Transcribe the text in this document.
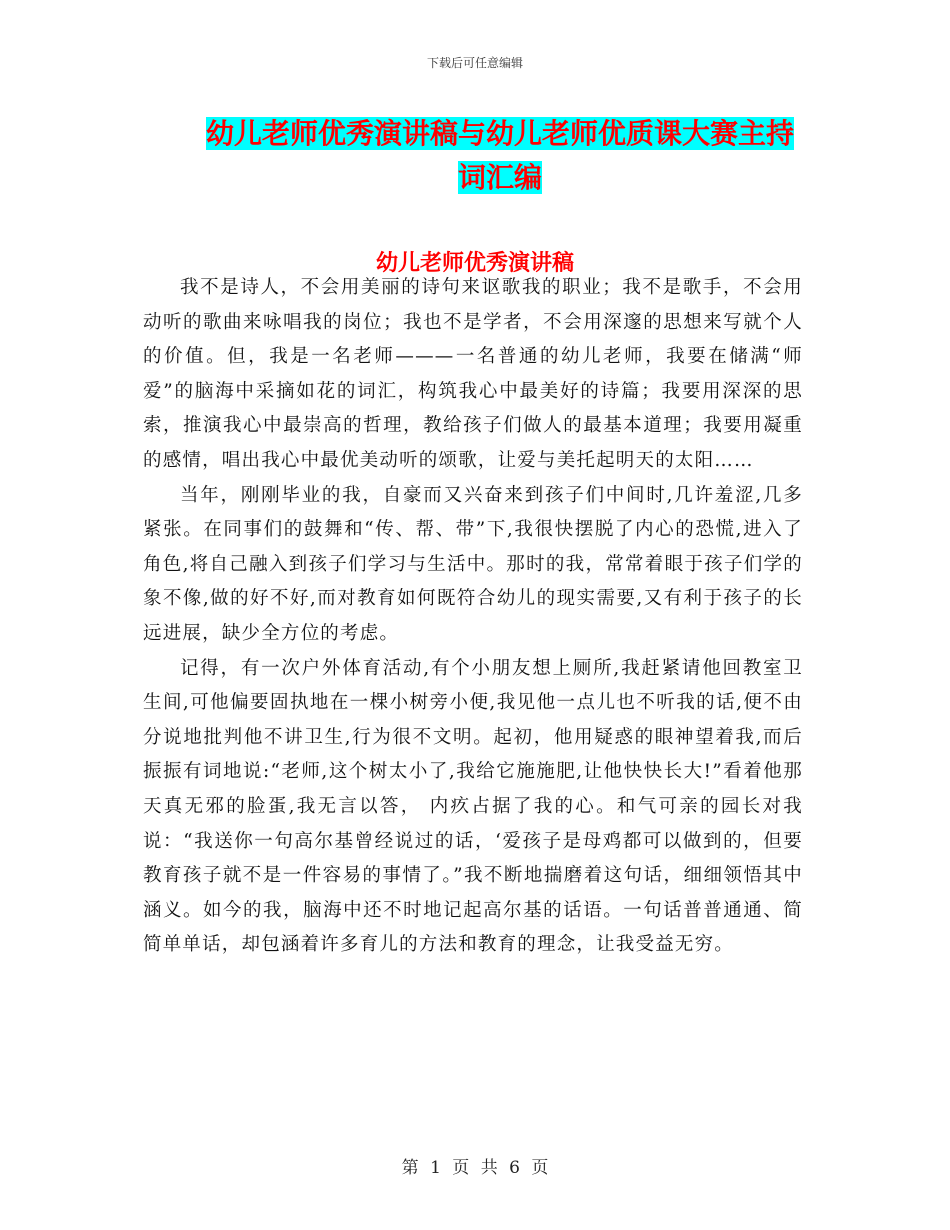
下载后可任意编辑
幼儿老师优秀演讲稿与幼儿老师优质课大赛主持词汇编
幼儿老师优秀演讲稿

我不是诗人，不会用美丽的诗句来讴歌我的职业；我不是歌手，不会用动听的歌曲来咏唱我的岗位；我也不是学者，不会用深邃的思想来写就个人的价值。但，我是一名老师———一名普通的幼儿老师，我要在储满“师爱”的脑海中采摘如花的词汇，构筑我心中最美好的诗篇；我要用深深的思索，推演我心中最崇高的哲理，教给孩子们做人的最基本道理；我要用凝重的感情，唱出我心中最优美动听的颂歌，让爱与美托起明天的太阳……

当年，刚刚毕业的我，自豪而又兴奋来到孩子们中间时,几许羞涩,几多紧张。在同事们的鼓舞和“传、帮、带”下,我很快摆脱了内心的恐慌,进入了角色,将自己融入到孩子们学习与生活中。那时的我，常常着眼于孩子们学的象不像,做的好不好,而对教育如何既符合幼儿的现实需要,又有利于孩子的长远进展，缺少全方位的考虑。

记得，有一次户外体育活动,有个小朋友想上厕所,我赶紧请他回教室卫生间,可他偏要固执地在一棵小树旁小便,我见他一点儿也不听我的话,便不由分说地批判他不讲卫生,行为很不文明。起初，他用疑惑的眼神望着我,而后振振有词地说:“老师,这个树太小了,我给它施施肥,让他快快长大!”看着他那天真无邪的脸蛋,我无言以答， 内疚占据了我的心。和气可亲的园长对我说：“我送你一句高尔基曾经说过的话，‘爱孩子是母鸡都可以做到的，但要教育孩子就不是一件容易的事情了。”我不断地揣磨着这句话，细细领悟其中涵义。如今的我，脑海中还不时地记起高尔基的话语。一句话普普通通、简简单单话，却包涵着许多育儿的方法和教育的理念，让我受益无穷。

第 1 页 共 6 页
